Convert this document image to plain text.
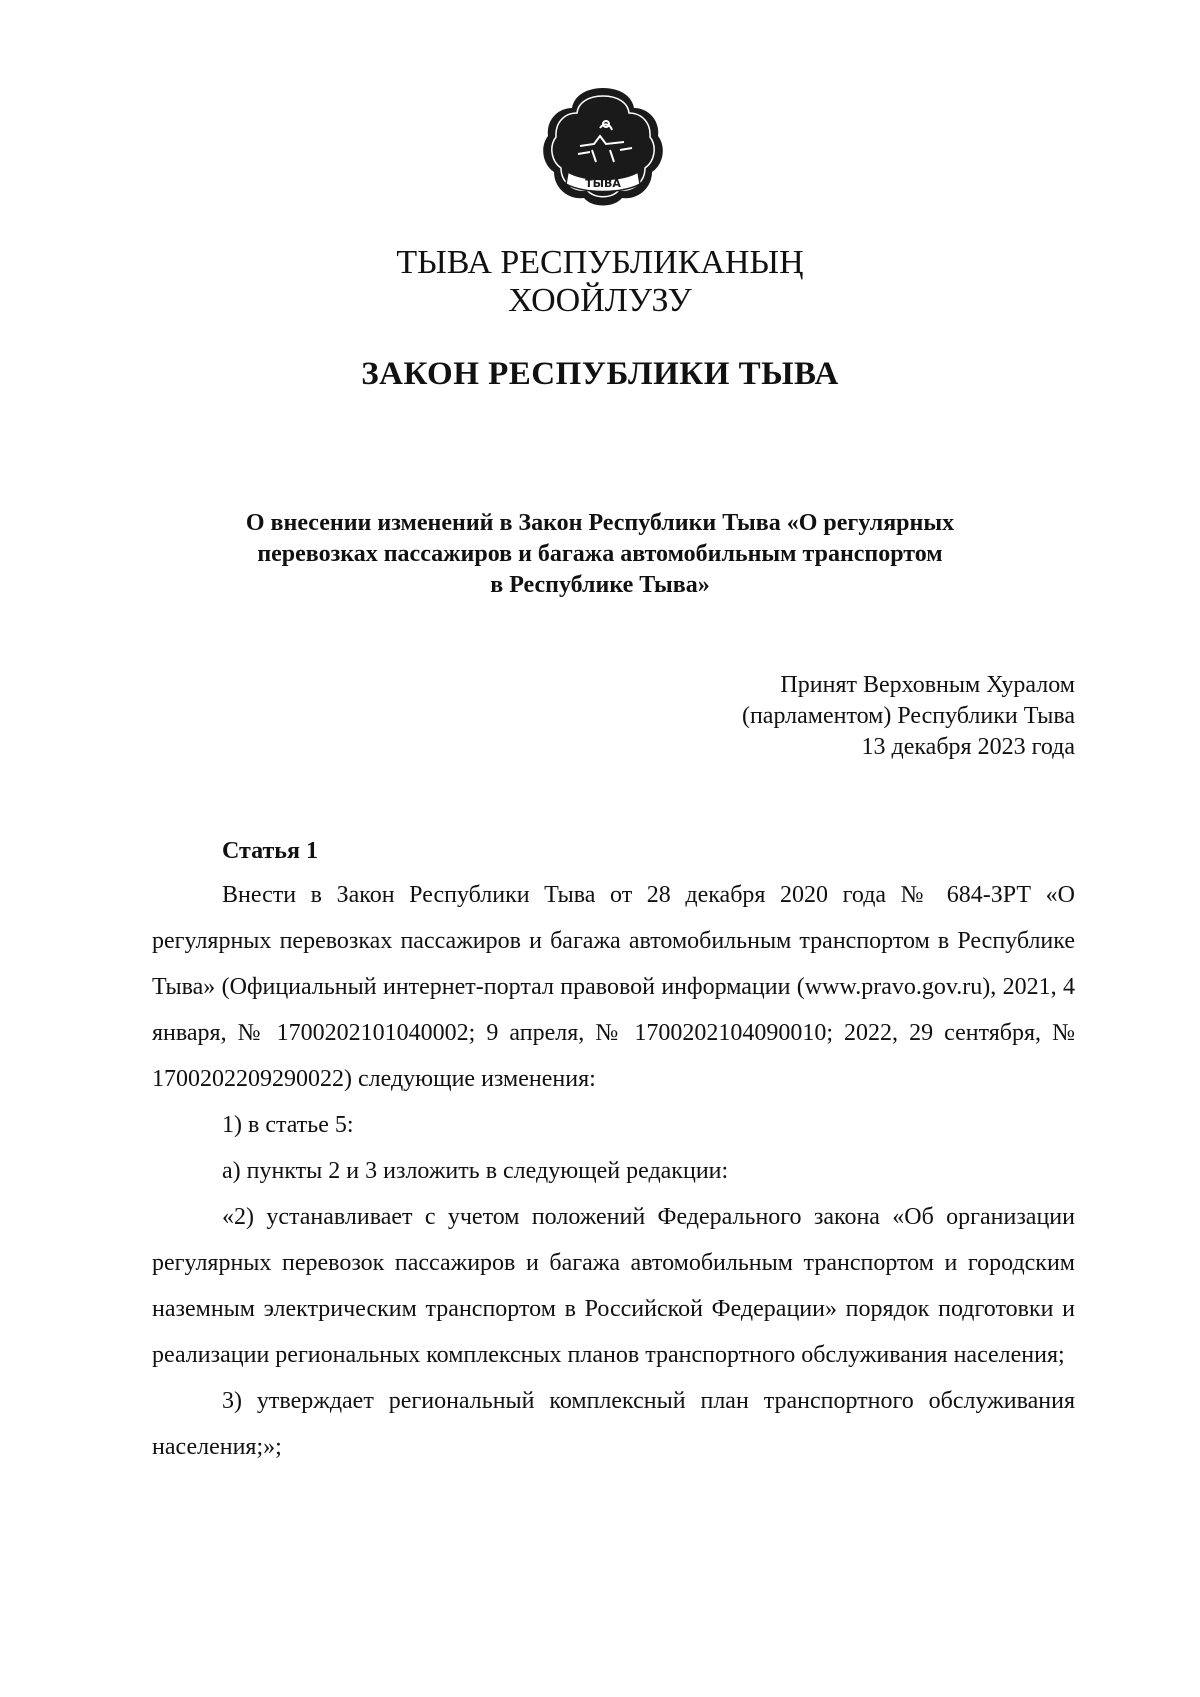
ТЫВА
ТЫВА РЕСПУБЛИКАНЫҢ
ХООЙЛУЗУ
ЗАКОН РЕСПУБЛИКИ ТЫВА
О внесении изменений в Закон Республики Тыва «О регулярных
перевозках пассажиров и багажа автомобильным транспортом
в Республике Тыва»
Принят Верховным Хуралом
(парламентом) Республики Тыва
13 декабря 2023 года
Статья 1

Внести в Закон Республики Тыва от 28 декабря 2020 года № 684-ЗРТ «О регулярных перевозках пассажиров и багажа автомобильным транспортом в Республике Тыва» (Официальный интернет-портал правовой информации (www.pravo.gov.ru), 2021, 4 января, № 1700202101040002; 9 апреля, № 1700202104090010; 2022, 29 сентября, № 1700202209290022) следующие изменения:

1) в статье 5:

а) пункты 2 и 3 изложить в следующей редакции:

«2) устанавливает с учетом положений Федерального закона «Об организации регулярных перевозок пассажиров и багажа автомобильным транспортом и городским наземным электрическим транспортом в Российской Федерации» порядок подготовки и реализации региональных комплексных планов транспортного обслуживания населения;

3) утверждает региональный комплексный план транспортного обслуживания населения;»;
